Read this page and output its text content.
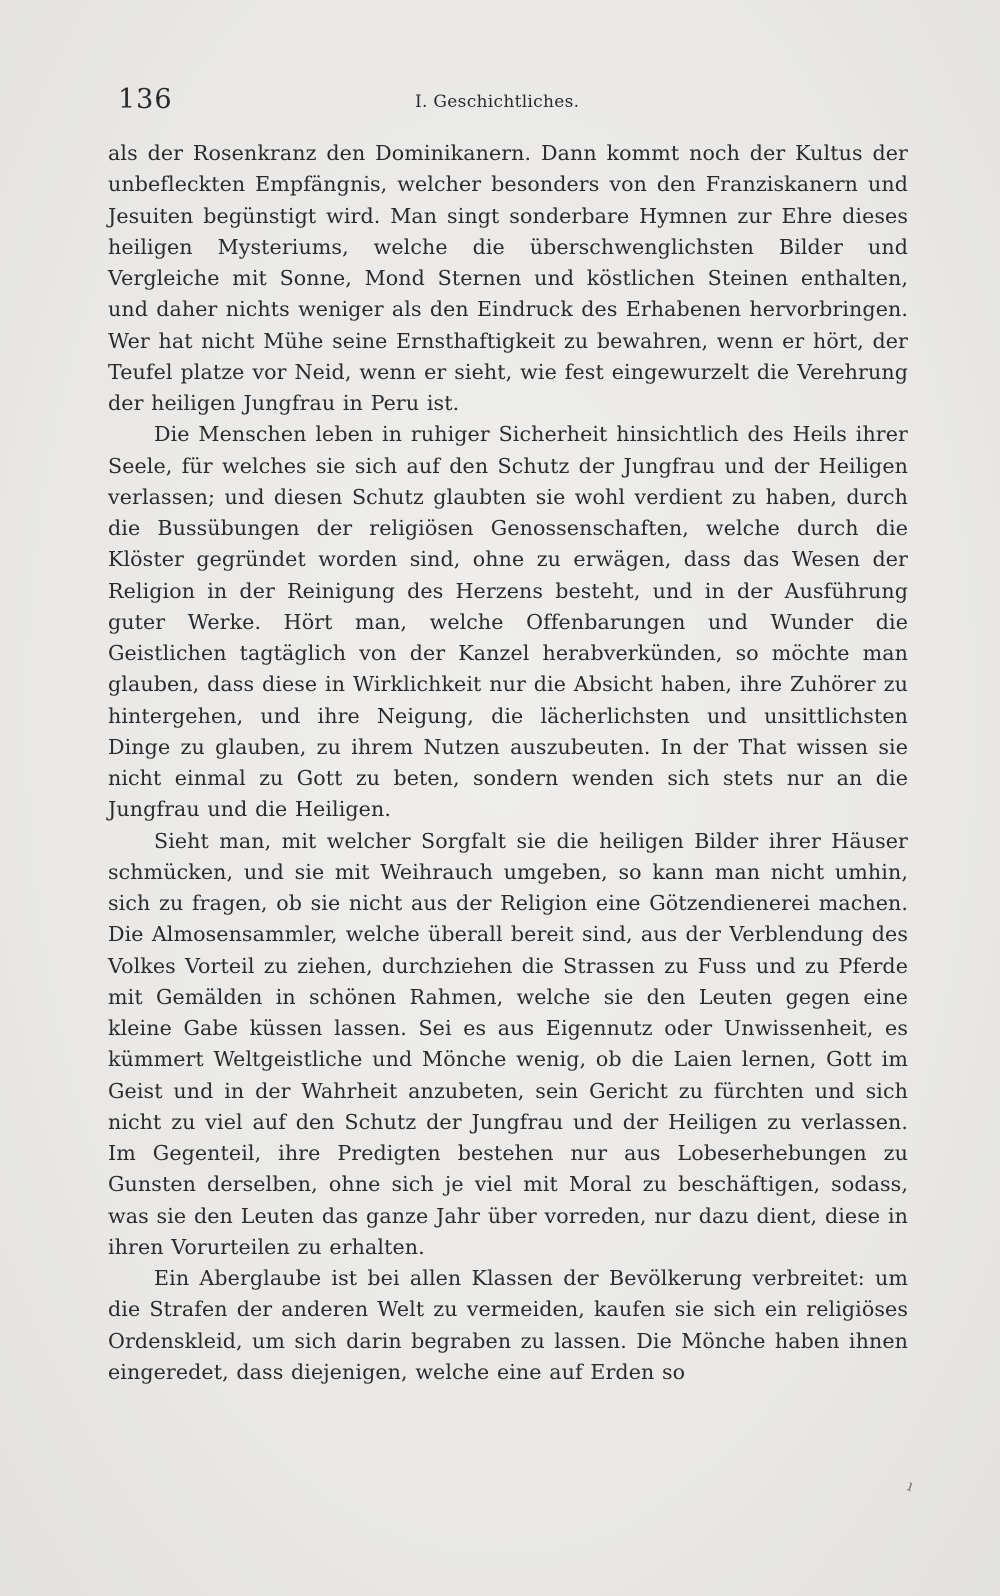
136	I. Geschichtliches.

als der Rosenkranz den Dominikanern. Dann kommt noch der Kultus der unbefleckten Empfängnis, welcher besonders von den Franziskanern und Jesuiten begünstigt wird. Man singt sonderbare Hymnen zur Ehre dieses heiligen Mysteriums, welche die überschwenglichsten Bilder und Vergleiche mit Sonne, Mond Sternen und köstlichen Steinen enthalten, und daher nichts weniger als den Eindruck des Erhabenen hervorbringen. Wer hat nicht Mühe seine Ernsthaftigkeit zu bewahren, wenn er hört, der Teufel platze vor Neid, wenn er sieht, wie fest eingewurzelt die Verehrung der heiligen Jungfrau in Peru ist.

Die Menschen leben in ruhiger Sicherheit hinsichtlich des Heils ihrer Seele, für welches sie sich auf den Schutz der Jungfrau und der Heiligen verlassen; und diesen Schutz glaubten sie wohl verdient zu haben, durch die Bussübungen der religiösen Genossenschaften, welche durch die Klöster gegründet worden sind, ohne zu erwägen, dass das Wesen der Religion in der Reinigung des Herzens besteht, und in der Ausführung guter Werke. Hört man, welche Offenbarungen und Wunder die Geistlichen tagtäglich von der Kanzel herabverkünden, so möchte man glauben, dass diese in Wirklichkeit nur die Absicht haben, ihre Zuhörer zu hintergehen, und ihre Neigung, die lächerlichsten und unsittlichsten Dinge zu glauben, zu ihrem Nutzen auszubeuten. In der That wissen sie nicht einmal zu Gott zu beten, sondern wenden sich stets nur an die Jungfrau und die Heiligen.

Sieht man, mit welcher Sorgfalt sie die heiligen Bilder ihrer Häuser schmücken, und sie mit Weihrauch umgeben, so kann man nicht umhin, sich zu fragen, ob sie nicht aus der Religion eine Götzendienerei machen. Die Almosensammler, welche überall bereit sind, aus der Verblendung des Volkes Vorteil zu ziehen, durchziehen die Strassen zu Fuss und zu Pferde mit Gemälden in schönen Rahmen, welche sie den Leuten gegen eine kleine Gabe küssen lassen. Sei es aus Eigennutz oder Unwissenheit, es kümmert Weltgeistliche und Mönche wenig, ob die Laien lernen, Gott im Geist und in der Wahrheit anzubeten, sein Gericht zu fürchten und sich nicht zu viel auf den Schutz der Jungfrau und der Heiligen zu verlassen. Im Gegenteil, ihre Predigten bestehen nur aus Lobeserhebungen zu Gunsten derselben, ohne sich je viel mit Moral zu beschäftigen, sodass, was sie den Leuten das ganze Jahr über vorreden, nur dazu dient, diese in ihren Vorurteilen zu erhalten.

Ein Aberglaube ist bei allen Klassen der Bevölkerung verbreitet: um die Strafen der anderen Welt zu vermeiden, kaufen sie sich ein religiöses Ordenskleid, um sich darin begraben zu lassen. Die Mönche haben ihnen eingeredet, dass diejenigen, welche eine auf Erden so

ı
